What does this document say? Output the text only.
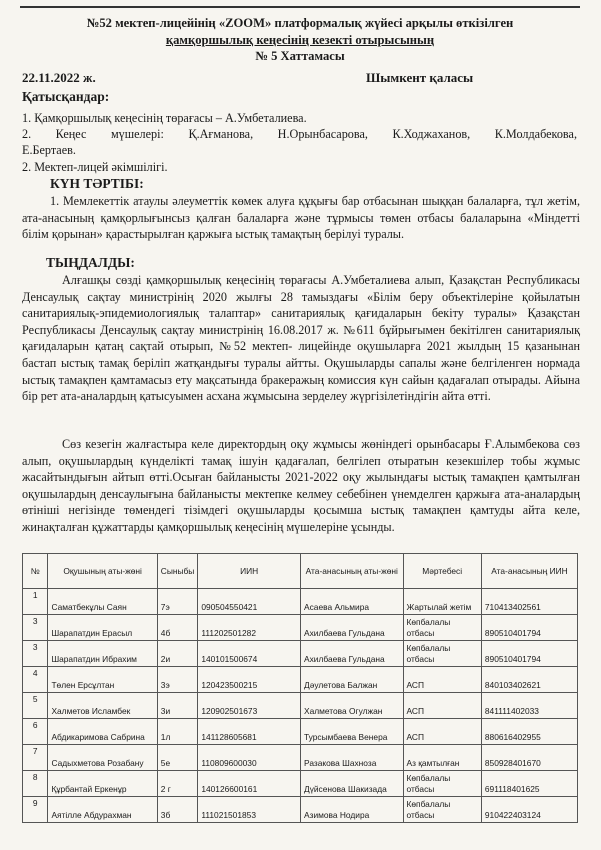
№52 мектеп-лицейінің «ZOOM» платформалық жүйесі арқылы өткізілген
қамқоршылық кеңесінің кезекті отырысының
№ 5 Хаттамасы
22.11.2022 ж.	Шымкент қаласы
Қатысқандар:
1. Қамқоршылық кеңесінің төрағасы – А.Умбеталиева.
2. Кеңес мүшелері: Қ.Ағманова, Н.Орынбасарова, К.Ходжаханов, К.Молдабекова,
Е.Бертаев.
2. Мектеп-лицей әкімшілігі.
КҮН ТӘРТІБІ:
1. Мемлекеттік атаулы әлеуметтік көмек алуға құқығы бар отбасынан шыққан балаларға, тұл жетім, ата-анасының қамқорлығынсыз қалған балаларға және тұрмысы төмен отбасы балаларына «Міндетті білім қорынан» қарастырылған қаржыға ыстық тамақтың берілуі туралы.
ТЫҢДАЛДЫ:
Алғашқы сөзді қамқоршылық кеңесінің төрағасы А.Умбеталиева алып, Қазақстан Республикасы Денсаулық сақтау министрінің 2020 жылғы 28 тамыздағы «Білім беру объектілеріне қойылатын санитариялық-эпидемиологиялық талаптар» санитариялық қағидаларын бекіту туралы» Қазақстан Республикасы Денсаулық сақтау министрінің 16.08.2017 ж. №611 бұйрығымен бекітілген санитариялық қағидаларын қатаң сақтай отырып, №52 мектеп- лицейінде оқушыларға 2021 жылдың 15 қазанынан бастап ыстық тамақ беріліп жатқандығы туралы айтты. Оқушыларды сапалы және белгіленген нормада ыстық тамақпен қамтамасыз ету мақсатында бракеражың комиссия күн сайын қадағалап отырады. Айына бір рет ата-аналардың қатысуымен асхана жұмысына зерделеу жүргізілетіндігін айта өтті.
Сөз кезегін жалғастыра келе директордың оқу жұмысы жөніндегі орынбасары Ғ.Алымбекова сөз алып, оқушылардың күнделікті тамақ ішуін қадағалап, белгілеп отыратын кезекшілер тобы жұмыс жасайтындығын айтып өтті.Осыған байланысты 2021-2022 оқу жылындағы ыстық тамақпен қамтылған оқушылардың денсаулығына байланысты мектепке келмеу себебінен үнемделген қаржыға ата-аналардың өтініші негізінде төмендегі тізімдегі оқушыларды қосымша ыстық тамақпен қамтуды айта келе, жинақталған құжаттарды қамқоршылық кеңесінің мүшелеріне ұсынды.
№	Оқушының аты-жөні	Сыныбы	ИИН	Ата-анасының аты-жөні	Мәртебесі	Ата-анасының ИИН
1	Саматбекұлы Саян	7э	090504550421	Асаева Альмира	Жартылай жетім	710413402561
3	Шарапатдин Ерасыл	4б	111202501282	Ахилбаева Гульдана	Көпбалалы отбасы	890510401794
3	Шарапатдин Ибрахим	2и	140101500674	Ахилбаева Гульдана	Көпбалалы отбасы	890510401794
4	Төлен Ерсұлтан	3э	120423500215	Дәулетова Балжан	АСП	840103402621
5	Халметов Исламбек	3и	120902501673	Халметова Огулжан	АСП	841111402033
6	Абдикаримова Сабрина	1л	141128605681	Турсымбаева Венера	АСП	880616402955
7	Садыхметова Розабану	5е	110809600030	Разакова Шахноза	Аз қамтылған	850928401670
8	Құрбантай Еркенұр	2 г	140126600161	Дүйсенова Шакизада	Көпбалалы отбасы	691118401625
9	Аятілле Абдурахман	3б	111021501853	Азимова Нодира	Көпбалалы отбасы	910422403124
